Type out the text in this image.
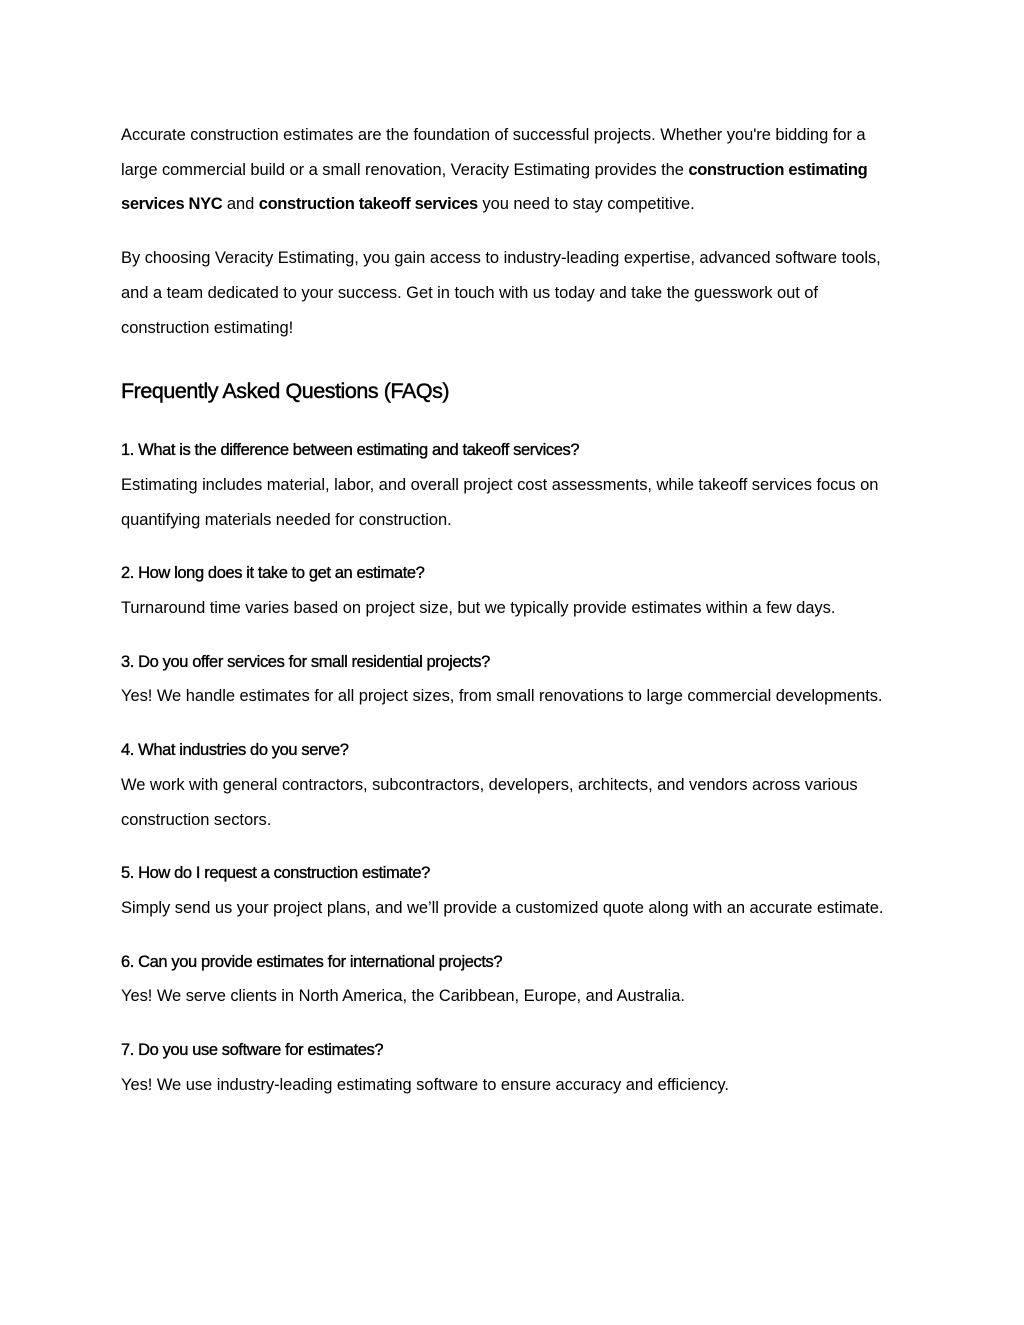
Accurate construction estimates are the foundation of successful projects. Whether you're bidding for a large commercial build or a small renovation, Veracity Estimating provides the construction estimating services NYC and construction takeoff services you need to stay competitive.

By choosing Veracity Estimating, you gain access to industry-leading expertise, advanced software tools, and a team dedicated to your success. Get in touch with us today and take the guesswork out of construction estimating!

Frequently Asked Questions (FAQs)

1. What is the difference between estimating and takeoff services?

Estimating includes material, labor, and overall project cost assessments, while takeoff services focus on quantifying materials needed for construction.

2. How long does it take to get an estimate?

Turnaround time varies based on project size, but we typically provide estimates within a few days.

3. Do you offer services for small residential projects?

Yes! We handle estimates for all project sizes, from small renovations to large commercial developments.

4. What industries do you serve?

We work with general contractors, subcontractors, developers, architects, and vendors across various construction sectors.

5. How do I request a construction estimate?

Simply send us your project plans, and we’ll provide a customized quote along with an accurate estimate.

6. Can you provide estimates for international projects?

Yes! We serve clients in North America, the Caribbean, Europe, and Australia.

7. Do you use software for estimates?

Yes! We use industry-leading estimating software to ensure accuracy and efficiency.
